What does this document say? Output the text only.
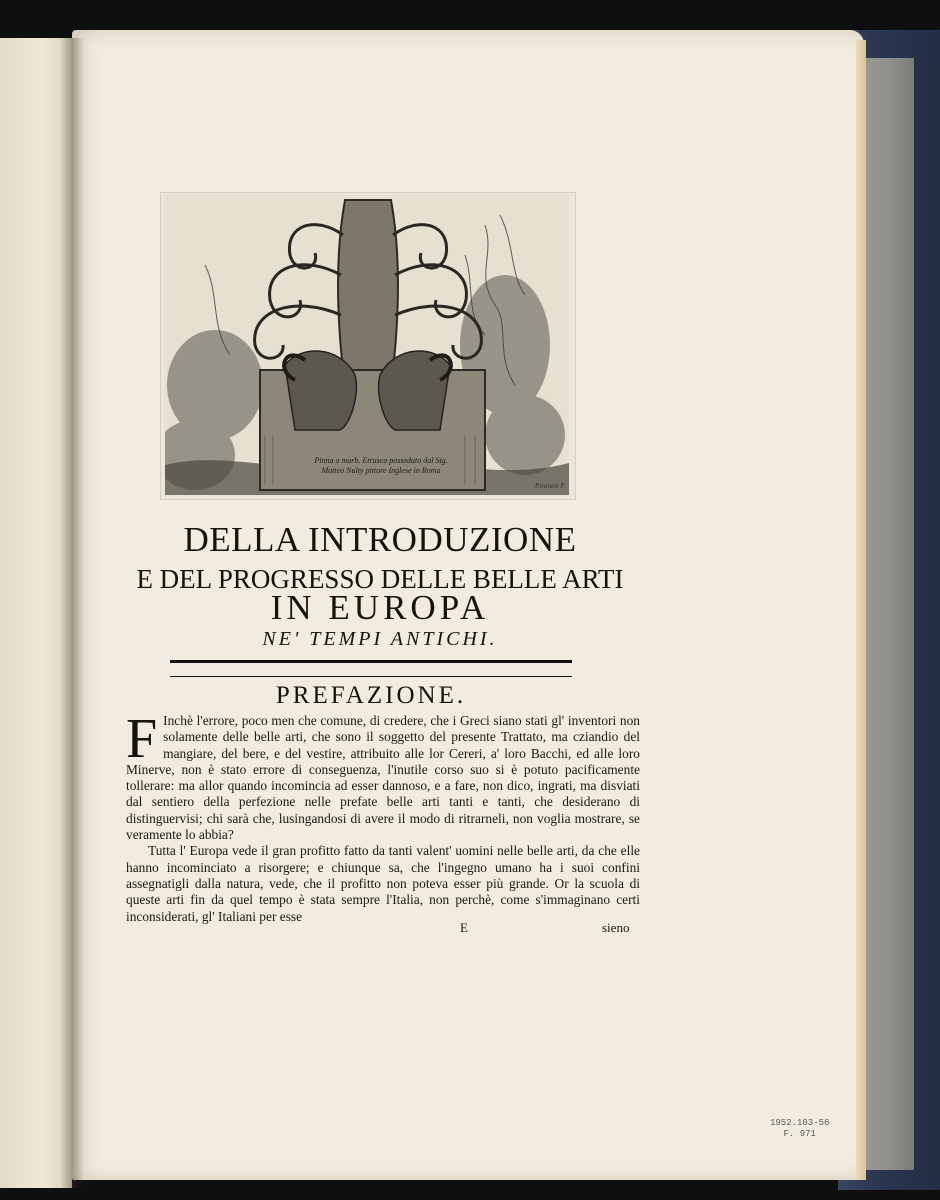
Pinna o marb. Etrusco posseduto dal Sig.
Matteo Nulty pittore Inglese in Roma
Piranesi F.
DELLA INTRODUZIONE
E DEL PROGRESSO DELLE BELLE ARTI
IN EUROPA
NE' TEMPI ANTICHI.
PREFAZIONE.
F Inchè l'errore, poco men che comune, di credere, che i Greci siano stati gl' inventori non solamente delle belle arti, che sono il soggetto del presente Trattato, ma cziandio del mangiare, del bere, e del vestire, attribuito alle lor Cereri, a' loro Bacchi, ed alle loro Minerve, non è stato errore di conseguenza, l'inutile corso suo si è potuto pacificamente tollerare: ma allor quando incomincia ad esser dannoso, e a fare, non dico, ingrati, ma disviati dal sentiero della perfezione nelle prefate belle arti tanti e tanti, che desiderano di distinguervisi; chi sarà che, lusingandosi di avere il modo di ritrarneli, non voglia mostrare, se veramente lo abbia?

Tutta l' Europa vede il gran profitto fatto da tanti valent' uomini nelle belle arti, da che elle hanno incominciato a risorgere; e chiunque sa, che l'ingegno umano ha i suoi confini assegnatigli dalla natura, vede, che il profitto non poteva esser più grande. Or la scuola di queste arti fin da quel tempo è stata sempre l'Italia, non perchè, come s'immaginano certi inconsiderati, gl' Italiani per esse

E	sieno
1952.103-56
F. 971
